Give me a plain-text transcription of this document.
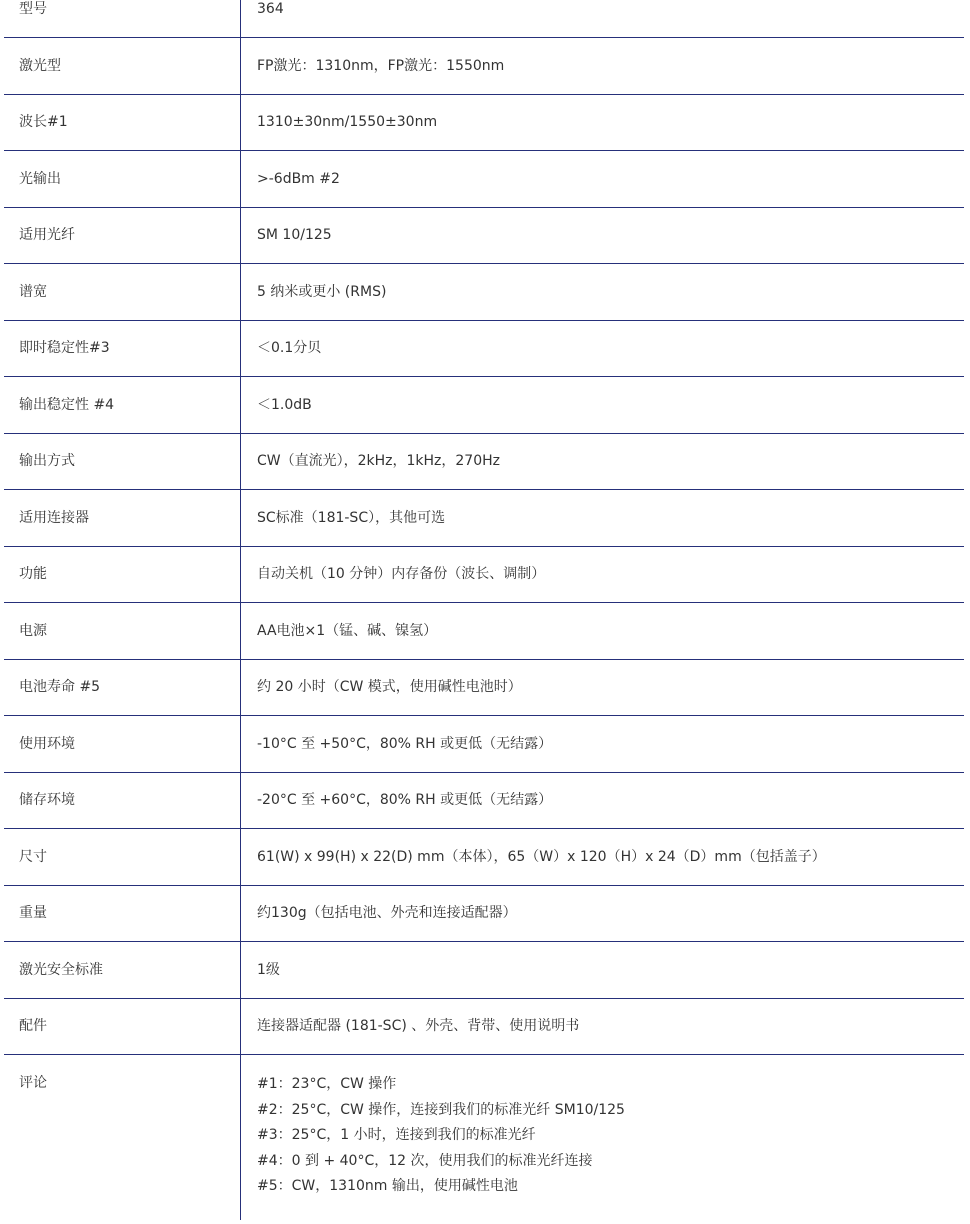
型号	364
激光型	FP激光：1310nm，FP激光：1550nm
波长#1	1310±30nm/1550±30nm
光输出	>-6dBm #2
适用光纤	SM 10/125
谱宽	5 纳米或更小 (RMS)
即时稳定性#3	＜0.1分贝
输出稳定性 #4	＜1.0dB
输出方式	CW（直流光），2kHz，1kHz，270Hz
适用连接器	SC标准（181-SC），其他可选
功能	自动关机（10 分钟）内存备份（波长、调制）
电源	AA电池×1（锰、碱、镍氢）
电池寿命 #5	约 20 小时（CW 模式，使用碱性电池时）
使用环境	-10°C 至 +50°C，80% RH 或更低（无结露）
储存环境	-20°C 至 +60°C，80% RH 或更低（无结露）
尺寸	61(W) x 99(H) x 22(D) mm（本体），65（W）x 120（H）x 24（D）mm（包括盖子）
重量	约130g（包括电池、外壳和连接适配器）
激光安全标准	1级
配件	连接器适配器 (181-SC) 、外壳、背带、使用说明书
评论	#1：23°C，CW 操作
#2：25°C，CW 操作，连接到我们的标准光纤 SM10/125
#3：25°C，1 小时，连接到我们的标准光纤
#4：0 到 + 40°C，12 次，使用我们的标准光纤连接
#5：CW，1310nm 输出，使用碱性电池
